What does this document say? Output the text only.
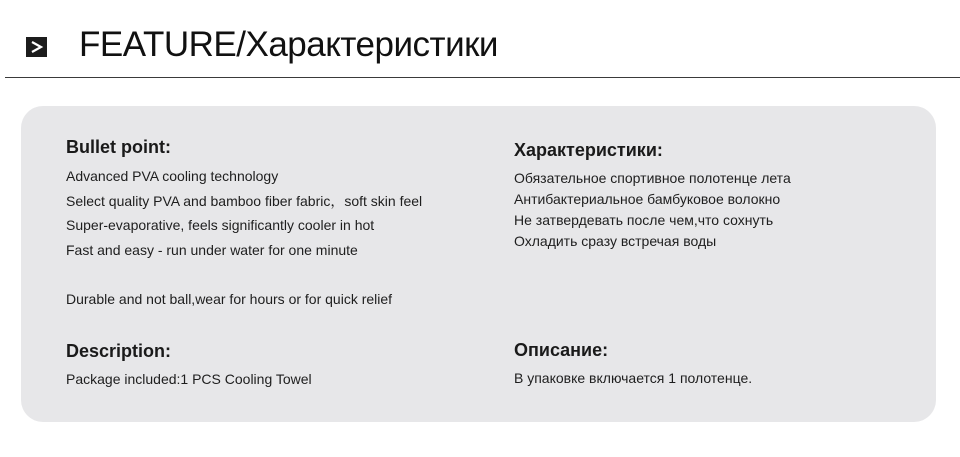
FEATURE/Характеристики
Bullet point:
Advanced PVA cooling technology
Select quality PVA and bamboo fiber fabric，soft skin feel
Super-evaporative, feels significantly cooler in hot
Fast and easy - run under water for one minute
Durable and not ball,wear for hours or for quick relief
Description:
Package included:1 PCS Cooling Towel
Характеристики:
Обязательное спортивное полотенце лета
Антибактериальное бамбуковое волокно
Не затвердевать после чем,что сохнуть
Охладить сразу встречая воды
Описание:
В упаковке включается 1 полотенце.
